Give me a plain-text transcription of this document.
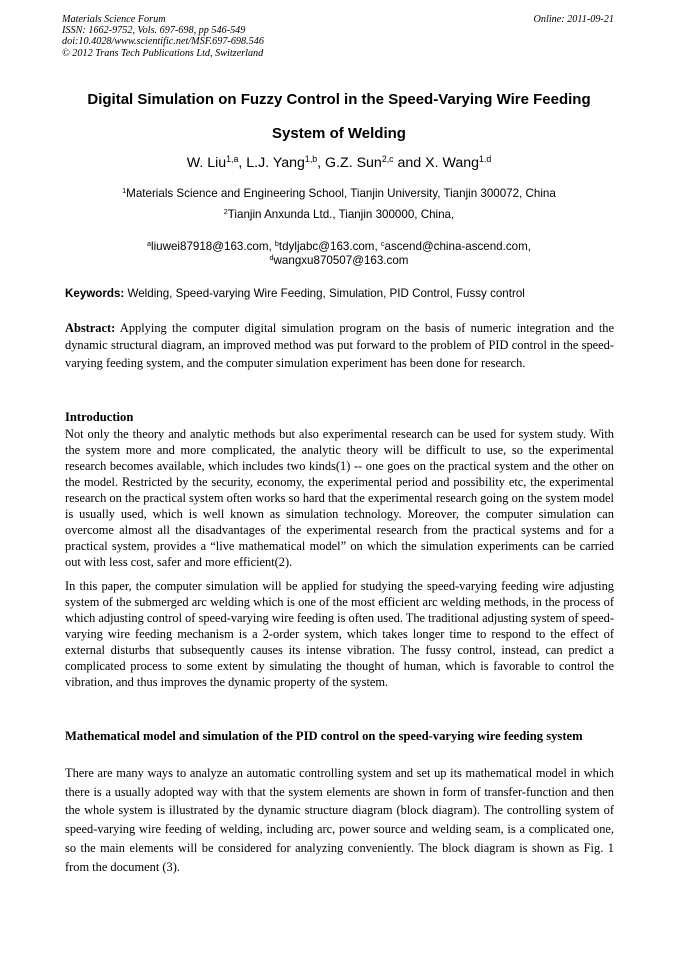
Materials Science Forum
ISSN: 1662-9752, Vols. 697-698, pp 546-549
doi:10.4028/www.scientific.net/MSF.697-698.546
© 2012 Trans Tech Publications Ltd, Switzerland
Online: 2011-09-21
Digital Simulation on Fuzzy Control in the Speed-Varying Wire Feeding
System of Welding
W. Liu$^{1,a}$, L.J. Yang$^{1,b}$, G.Z. Sun$^{2,c}$ and X. Wang$^{1.d}$
$^1$Materials Science and Engineering School, Tianjin University, Tianjin 300072, China
$^2$Tianjin Anxunda Ltd., Tianjin 300000, China,
$^a$liuwei87918@163.com, $^b$tdyljabc@163.com, $^c$ascend@china-ascend.com,
$^d$wangxu870507@163.com
Keywords: Welding, Speed-varying Wire Feeding, Simulation, PID Control, Fussy control
Abstract: Applying the computer digital simulation program on the basis of numeric integration and the dynamic structural diagram, an improved method was put forward to the problem of PID control in the speed-varying feeding system, and the computer simulation experiment has been done for research.
Introduction
Not only the theory and analytic methods but also experimental research can be used for system study. With the system more and more complicated, the analytic theory will be difficult to use, so the experimental research becomes available, which includes two kinds(1) -- one goes on the practical system and the other on the model. Restricted by the security, economy, the experimental period and possibility etc, the experimental research on the practical system often works so hard that the experimental research going on the system model is usually used, which is well known as simulation technology. Moreover, the computer simulation can overcome almost all the disadvantages of the experimental research from the practical systems and for a practical system, provides a “live mathematical model” on which the simulation experiments can be carried out with less cost, safer and more efficient(2).
In this paper, the computer simulation will be applied for studying the speed-varying feeding wire adjusting system of the submerged arc welding which is one of the most efficient arc welding methods, in the process of which adjusting control of speed-varying wire feeding is often used. The traditional adjusting system of speed-varying wire feeding mechanism is a 2-order system, which takes longer time to respond to the effect of external disturbs that subsequently causes its intense vibration. The fussy control, instead, can predict a complicated process to some extent by simulating the thought of human, which is favorable to control the vibration, and thus improves the dynamic property of the system.
Mathematical model and simulation of the PID control on the speed-varying wire feeding system
There are many ways to analyze an automatic controlling system and set up its mathematical model in which there is a usually adopted way with that the system elements are shown in form of transfer-function and then the whole system is illustrated by the dynamic structure diagram (block diagram). The controlling system of speed-varying wire feeding of welding, including arc, power source and welding seam, is a complicated one, so the main elements will be considered for analyzing conveniently. The block diagram is shown as Fig. 1 from the document (3).
